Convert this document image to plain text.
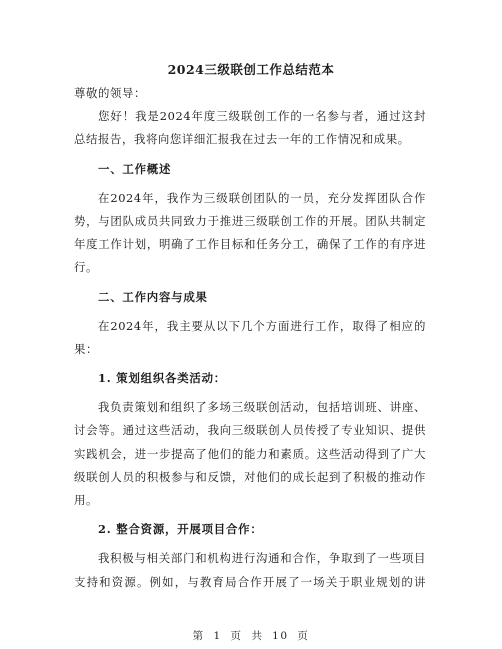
2024三级联创工作总结范本
尊敬的领导：
您好！我是2024年度三级联创工作的一名参与者，通过这封
总结报告，我将向您详细汇报我在过去一年的工作情况和成果。
一、工作概述
在2024年，我作为三级联创团队的一员，充分发挥团队合作
势，与团队成员共同致力于推进三级联创工作的开展。团队共制定
年度工作计划，明确了工作目标和任务分工，确保了工作的有序进
行。
二、工作内容与成果
在2024年，我主要从以下几个方面进行工作，取得了相应的
果：
1. 策划组织各类活动：
我负责策划和组织了多场三级联创活动，包括培训班、讲座、
讨会等。通过这些活动，我向三级联创人员传授了专业知识、提供
实践机会，进一步提高了他们的能力和素质。这些活动得到了广大
级联创人员的积极参与和反馈，对他们的成长起到了积极的推动作
用。
2. 整合资源，开展项目合作：
我积极与相关部门和机构进行沟通和合作，争取到了一些项目
支持和资源。例如，与教育局合作开展了一场关于职业规划的讲
第 1 页 共 10 页
